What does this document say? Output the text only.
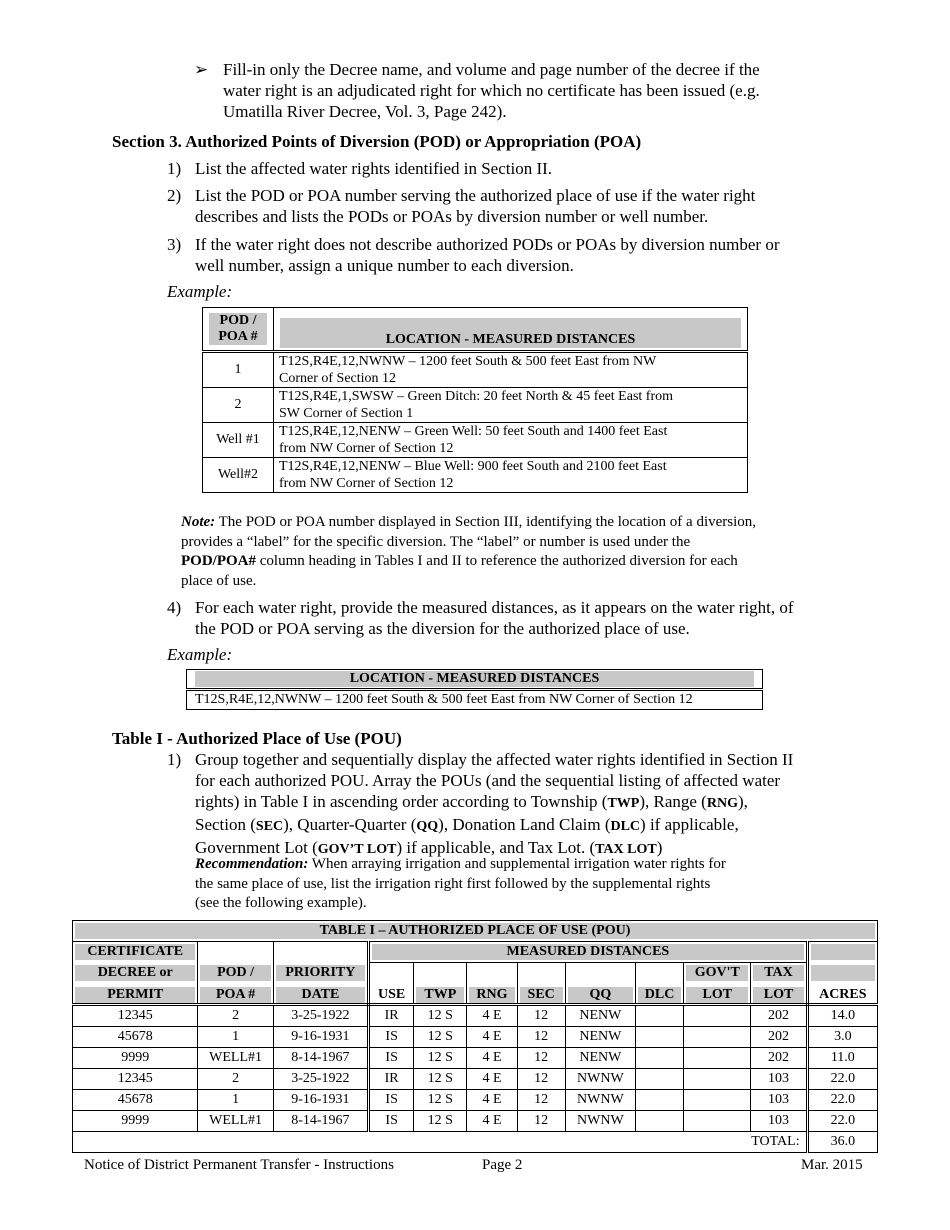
➢ Fill-in only the Decree name, and volume and page number of the decree if the
water right is an adjudicated right for which no certificate has been issued (e.g.
Umatilla River Decree, Vol. 3, Page 242).
Section 3. Authorized Points of Diversion (POD) or Appropriation (POA)
1) List the affected water rights identified in Section II.
2) List the POD or POA number serving the authorized place of use if the water right
describes and lists the PODs or POAs by diversion number or well number.
3) If the water right does not describe authorized PODs or POAs by diversion number or
well number, assign a unique number to each diversion.
Example:
POD /
POA #	LOCATION - MEASURED DISTANCES

1	T12S,R4E,12,NWNW – 1200 feet South & 500 feet East from NW
Corner of Section 12

2	T12S,R4E,1,SWSW – Green Ditch: 20 feet North & 45 feet East from
SW Corner of Section 1

Well #1	T12S,R4E,12,NENW – Green Well: 50 feet South and 1400 feet East
from NW Corner of Section 12

Well#2	T12S,R4E,12,NENW – Blue Well: 900 feet South and 2100 feet East
from NW Corner of Section 12
Note: The POD or POA number displayed in Section III, identifying the location of a diversion,
provides a “label” for the specific diversion. The “label” or number is used under the
POD/POA# column heading in Tables I and II to reference the authorized diversion for each
place of use.
4) For each water right, provide the measured distances, as it appears on the water right, of
the POD or POA serving as the diversion for the authorized place of use.
Example:
LOCATION - MEASURED DISTANCES

T12S,R4E,12,NWNW – 1200 feet South & 500 feet East from NW Corner of Section 12
Table I - Authorized Place of Use (POU)
1) Group together and sequentially display the affected water rights identified in Section II
for each authorized POU. Array the POUs (and the sequential listing of affected water
rights) in Table I in ascending order according to Township (TWP), Range (RNG),
Section (SEC), Quarter-Quarter (QQ), Donation Land Claim (DLC) if applicable,
Government Lot (GOV’T LOT) if applicable, and Tax Lot. (TAX LOT)
Recommendation: When arraying irrigation and supplemental irrigation water rights for
the same place of use, list the irrigation right first followed by the supplemental rights
(see the following example).
TABLE I – AUTHORIZED PLACE OF USE (POU)											

CERTIFICATE			MEASURED DISTANCES								

DECREE or	POD /	PRIORITY							GOV'T	TAX	

PERMIT	POA #	DATE	USE	TWP	RNG	SEC	QQ	DLC	LOT	LOT	ACRES
12345	2	3-25-1922	IR	12 S	4 E	12	NENW			202	14.0
45678	1	9-16-1931	IS	12 S	4 E	12	NENW			202	3.0
9999	WELL#1	8-14-1967	IS	12 S	4 E	12	NENW			202	11.0
12345	2	3-25-1922	IR	12 S	4 E	12	NWNW			103	22.0
45678	1	9-16-1931	IS	12 S	4 E	12	NWNW			103	22.0
9999	WELL#1	8-14-1967	IS	12 S	4 E	12	NWNW			103	22.0
TOTAL:											36.0
Notice of District Permanent Transfer - Instructions	Page 2	Mar. 2015
